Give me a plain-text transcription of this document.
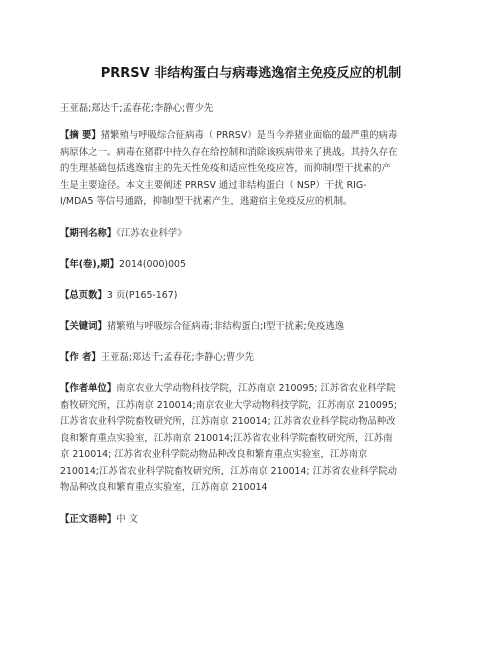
PRRSV 非结构蛋白与病毒逃逸宿主免疫反应的机制
王亚磊;郑达千;孟春花;李静心;曹少先
【摘 要】猪繁殖与呼吸综合征病毒（ PRRSV）是当今养猪业面临的最严重的病毒
病原体之一。病毒在猪群中持久存在给控制和消除该疾病带来了挑战。其持久存在
的生理基础包括逃逸宿主的先天性免疫和适应性免疫应答，而抑制Ⅰ型干扰素的产
生是主要途径。本文主要阐述 PRRSV 通过非结构蛋白（ NSP）干扰 RIG-
Ⅰ/MDA5 等信号通路，抑制Ⅰ型干扰素产生，逃避宿主免疫反应的机制。
【期刊名称】《江苏农业科学》
【年(卷),期】2014(000)005
【总页数】3 页(P165-167)
【关键词】猪繁殖与呼吸综合征病毒;非结构蛋白;Ⅰ型干扰素;免疫逃逸
【作 者】王亚磊;郑达千;孟春花;李静心;曹少先
【作者单位】南京农业大学动物科技学院，江苏南京 210095; 江苏省农业科学院
畜牧研究所，江苏南京 210014;南京农业大学动物科技学院，江苏南京 210095;
江苏省农业科学院畜牧研究所，江苏南京 210014; 江苏省农业科学院动物品种改
良和繁育重点实验室，江苏南京 210014;江苏省农业科学院畜牧研究所，江苏南
京 210014; 江苏省农业科学院动物品种改良和繁育重点实验室，江苏南京
210014;江苏省农业科学院畜牧研究所，江苏南京 210014; 江苏省农业科学院动
物品种改良和繁育重点实验室，江苏南京 210014
【正文语种】中 文
